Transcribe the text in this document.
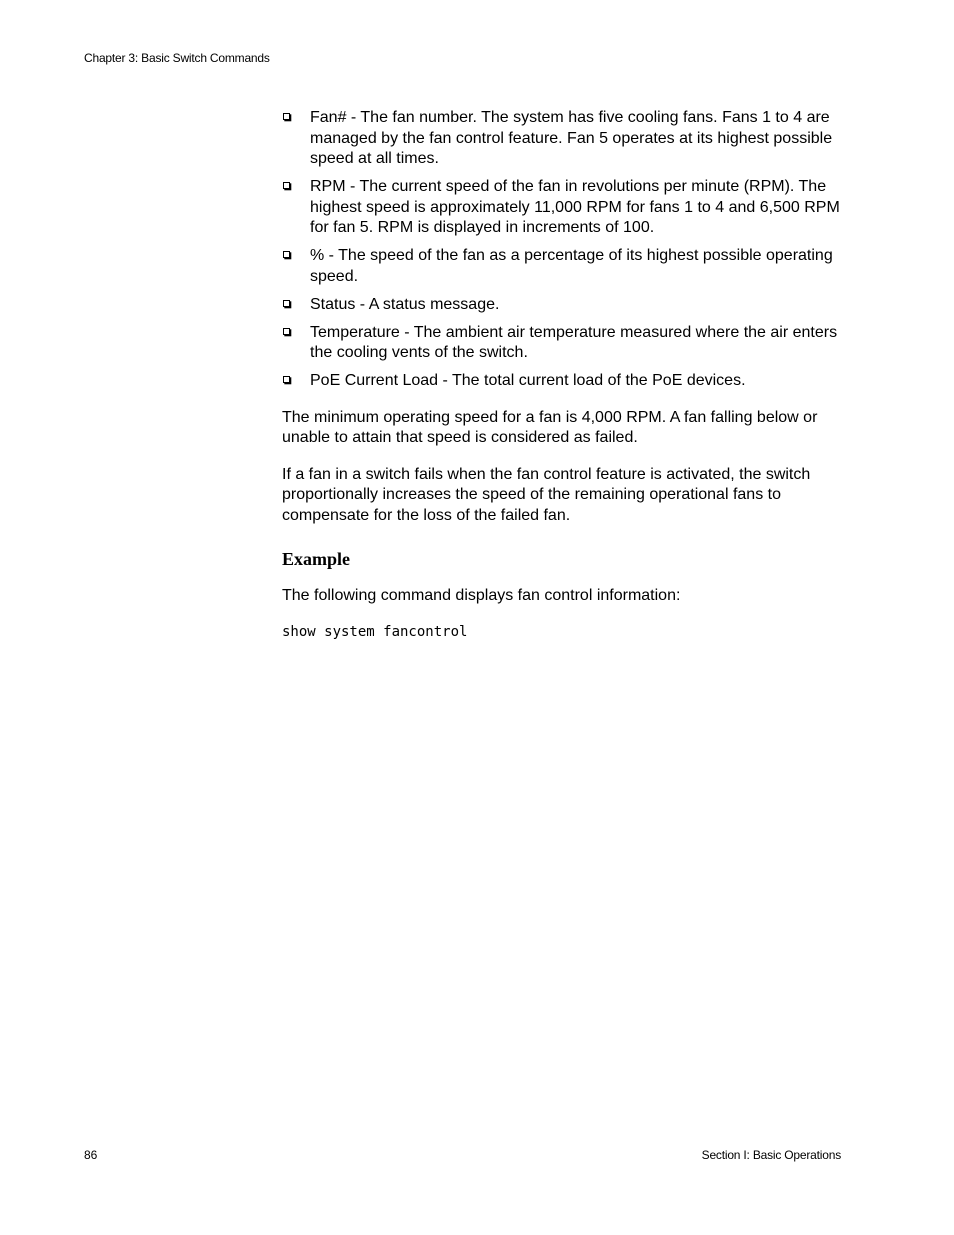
Chapter 3: Basic Switch Commands
Fan# - The fan number. The system has five cooling fans. Fans 1 to 4 are managed by the fan control feature. Fan 5 operates at its highest possible speed at all times.
RPM - The current speed of the fan in revolutions per minute (RPM). The highest speed is approximately 11,000 RPM for fans 1 to 4 and 6,500 RPM for fan 5. RPM is displayed in increments of 100.
% - The speed of the fan as a percentage of its highest possible operating speed.
Status - A status message.
Temperature - The ambient air temperature measured where the air enters the cooling vents of the switch.
PoE Current Load - The total current load of the PoE devices.

The minimum operating speed for a fan is 4,000 RPM. A fan falling below or unable to attain that speed is considered as failed.

If a fan in a switch fails when the fan control feature is activated, the switch proportionally increases the speed of the remaining operational fans to compensate for the loss of the failed fan.

Example

The following command displays fan control information:

show system fancontrol
86	Section I: Basic Operations
